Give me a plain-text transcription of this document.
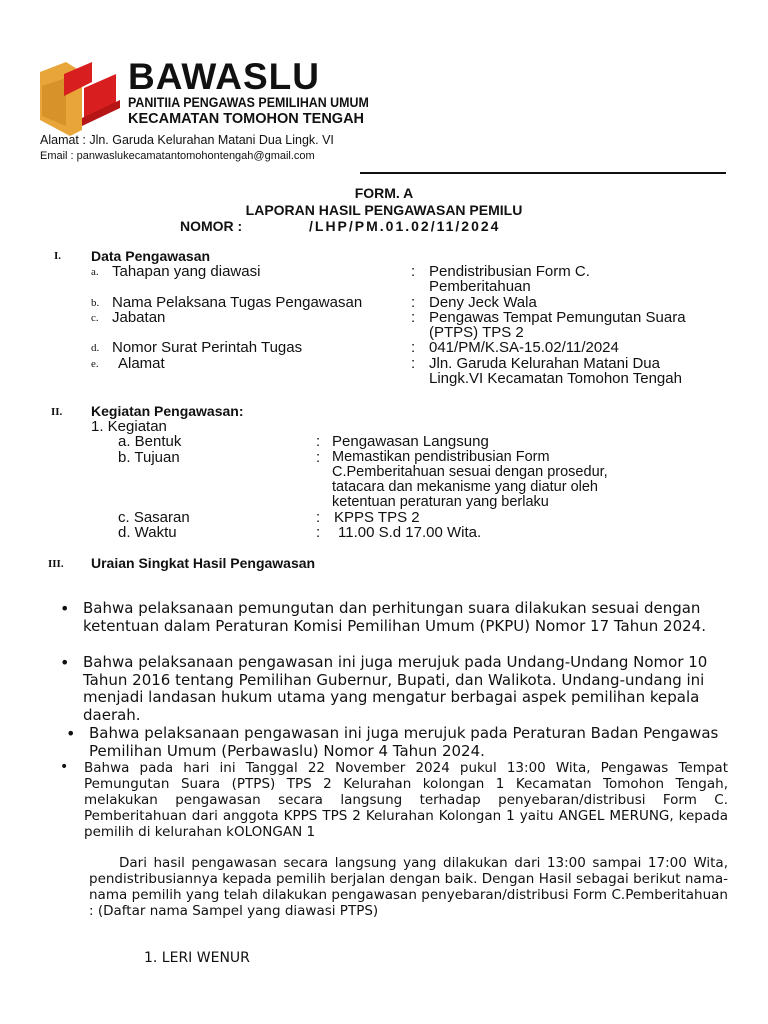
BAWASLU
PANITIIA PENGAWAS PEMILIHAN UMUM
KECAMATAN TOMOHON TENGAH
Alamat : Jln. Garuda Kelurahan Matani Dua Lingk. VI
Email : panwaslukecamatantomohontengah@gmail.com
FORM. A
LAPORAN HASIL PENGAWASAN PEMILU
NOMOR :	/LHP/PM.01.02/11/2024
I. Data Pengawasan
a. Tahapan yang diawasi	: Pendistribusian Form C.
Pemberitahuan
b. Nama Pelaksana Tugas Pengawasan	: Deny Jeck Wala
c. Jabatan	: Pengawas Tempat Pemungutan Suara
(PTPS) TPS 2
d. Nomor Surat Perintah Tugas	: 041/PM/K.SA-15.02/11/2024
e. Alamat	: Jln. Garuda Kelurahan Matani Dua
Lingk.VI Kecamatan Tomohon Tengah
II. Kegiatan Pengawasan:
1. Kegiatan
a. Bentuk	: Pengawasan Langsung
b. Tujuan	: Memastikan pendistribusian Form
C.Pemberitahuan sesuai dengan prosedur,
tatacara dan mekanisme yang diatur oleh
ketentuan peraturan yang berlaku
c. Sasaran	: KPPS TPS 2
d. Waktu	: 11.00 S.d 17.00 Wita.
III. Uraian Singkat Hasil Pengawasan
• Bahwa pelaksanaan pemungutan dan perhitungan suara dilakukan sesuai dengan ketentuan dalam Peraturan Komisi Pemilihan Umum (PKPU) Nomor 17 Tahun 2024.
• Bahwa pelaksanaan pengawasan ini juga merujuk pada Undang-Undang Nomor 10 Tahun 2016 tentang Pemilihan Gubernur, Bupati, dan Walikota. Undang-undang ini menjadi landasan hukum utama yang mengatur berbagai aspek pemilihan kepala daerah.
• Bahwa pelaksanaan pengawasan ini juga merujuk pada Peraturan Badan Pengawas Pemilihan Umum (Perbawaslu) Nomor 4 Tahun 2024.
• Bahwa pada hari ini Tanggal 22 November 2024 pukul 13:00 Wita, Pengawas Tempat Pemungutan Suara (PTPS) TPS 2 Kelurahan kolongan 1 Kecamatan Tomohon Tengah, melakukan pengawasan secara langsung terhadap penyebaran/distribusi Form C. Pemberitahuan dari anggota KPPS TPS 2 Kelurahan Kolongan 1 yaitu ANGEL MERUNG, kepada pemilih di kelurahan kOLONGAN 1
Dari hasil pengawasan secara langsung yang dilakukan dari 13:00 sampai 17:00 Wita, pendistribusiannya kepada pemilih berjalan dengan baik. Dengan Hasil sebagai berikut nama-nama pemilih yang telah dilakukan pengawasan penyebaran/distribusi Form C.Pemberitahuan : (Daftar nama Sampel yang diawasi PTPS)
1. LERI WENUR
